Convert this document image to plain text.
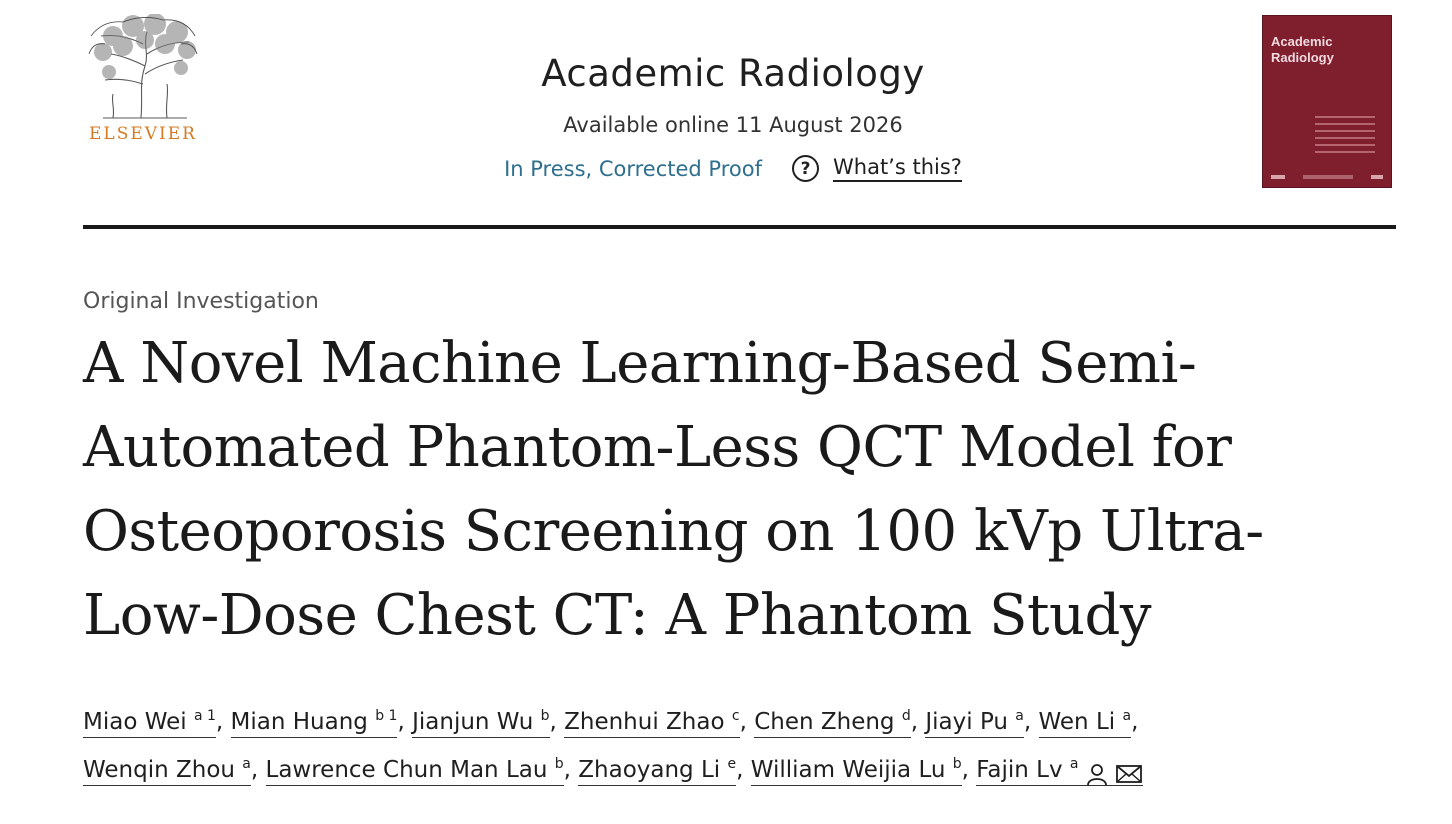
ELSEVIER
Academic Radiology
Available online 11 August 2026
In Press, Corrected Proof	?	What’s this?
Academic Radiology
Original Investigation
A Novel Machine Learning-Based Semi-Automated Phantom-Less QCT Model for Osteoporosis Screening on 100 kVp Ultra-Low-Dose Chest CT: A Phantom Study
Miao Wei $^{a 1}$, Mian Huang $^{b 1}$, Jianjun Wu $^b$, Zhenhui Zhao $^c$, Chen Zheng $^d$, Jiayi Pu $^a$, Wen Li $^a$,
Wenqin Zhou $^a$, Lawrence Chun Man Lau $^b$, Zhaoyang Li $^e$, William Weijia Lu $^b$, Fajin Lv $^a$
